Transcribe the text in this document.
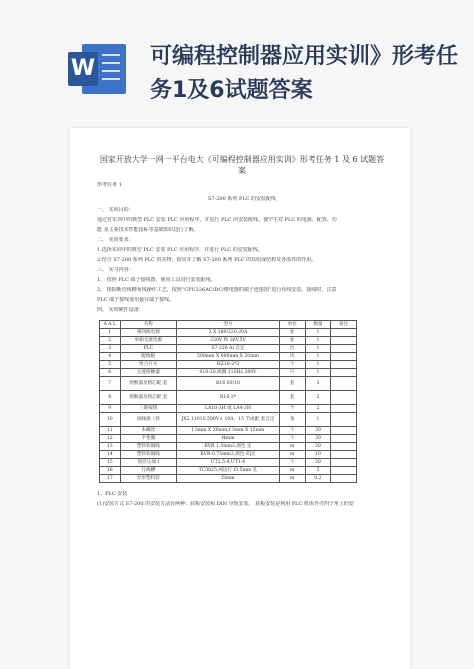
W 可编程控制器应用实训》形考任务1及6试题答案
国家开放大学一网一平台电大《可编程控制器应用实训》形考任务 1 及 6 试题答案

形考任务 1

S7-200 系列 PLC 的安装配线

一、 实训目的：

通过对实训中的典型 PLC 安装 PLC 应用程序，并进行 PLC 的安装配线，使学生对 PLC 的电源、配置、功

能 及主要技术性能指标等基础知识进行了解。

二、 实训要求：

1.选择实训中的典型 PLC 安装 PLC 应用程序，并进行 PLC 的安装配线。

2.结合 S7-200 系列 PLC 的实物，指出并了解 S7-200 系列 PLC 的其组成结构及各部件的作用。

三、 实习内容：

1、 按照 PLC 端子接线图，使用工具进行安装配线。

2、 根据断近线槽布线操作工艺，按照“CPU226AC/DC/继电器的端子连接图”进行布线安装，接线时，注意

PLC 端子接线要用接往端子接线。

四、 实训硬件设备：

A A L	名称	型号	单位	数量	备注
1	相四线电源	3 X 380/220,20A	处	1	
2	单相交流电源	220V 和 36V,5V	处	1	
3	PLC	S7-226 Ai 自定	台	1	
4	配线板	500mm X 600mm X 20mm	块	1	
5	组合开关	HZ10-2*3	个	1	
6	交流接触器	010-20,线圈 110Hz 380V	只	1	
7	熔断器及熔芯配 套	R16 60/10	套	3	
8	熔断器及熔芯配 套	R16-3*	套	2	
9	三联按钮	LA10-3H 或 LA4-3H	个	2	
10	接线端（铁	JX2 1101S,500V× 10A、15 节或配 套自定	条	1	
11	木螺丝	f 3mm X 20mm;f 3mm X 15mm	个	30	
12	平垫圈	f4mm	个	30	
13	塑料软铜线	BVR 1.5mm2,颜色 定	m	20	
14	塑料软铜线	BVR-0.75mm2,颜色 E]定	m	10	
15	别径压端 f	UT2.5-4,UT1-4	个	20	
16	行线槽	TC3025,两边打 f3.5mm 孔	m	5	
17	异形塑料管	f3mm	m	0.2	

1、PLC 安装

(1)安装方式 S7-200 的安装方法有两种：底板安装和 DIN 导轨安装。 底板安装是利用 PLC 机体外壳四个角上的安
